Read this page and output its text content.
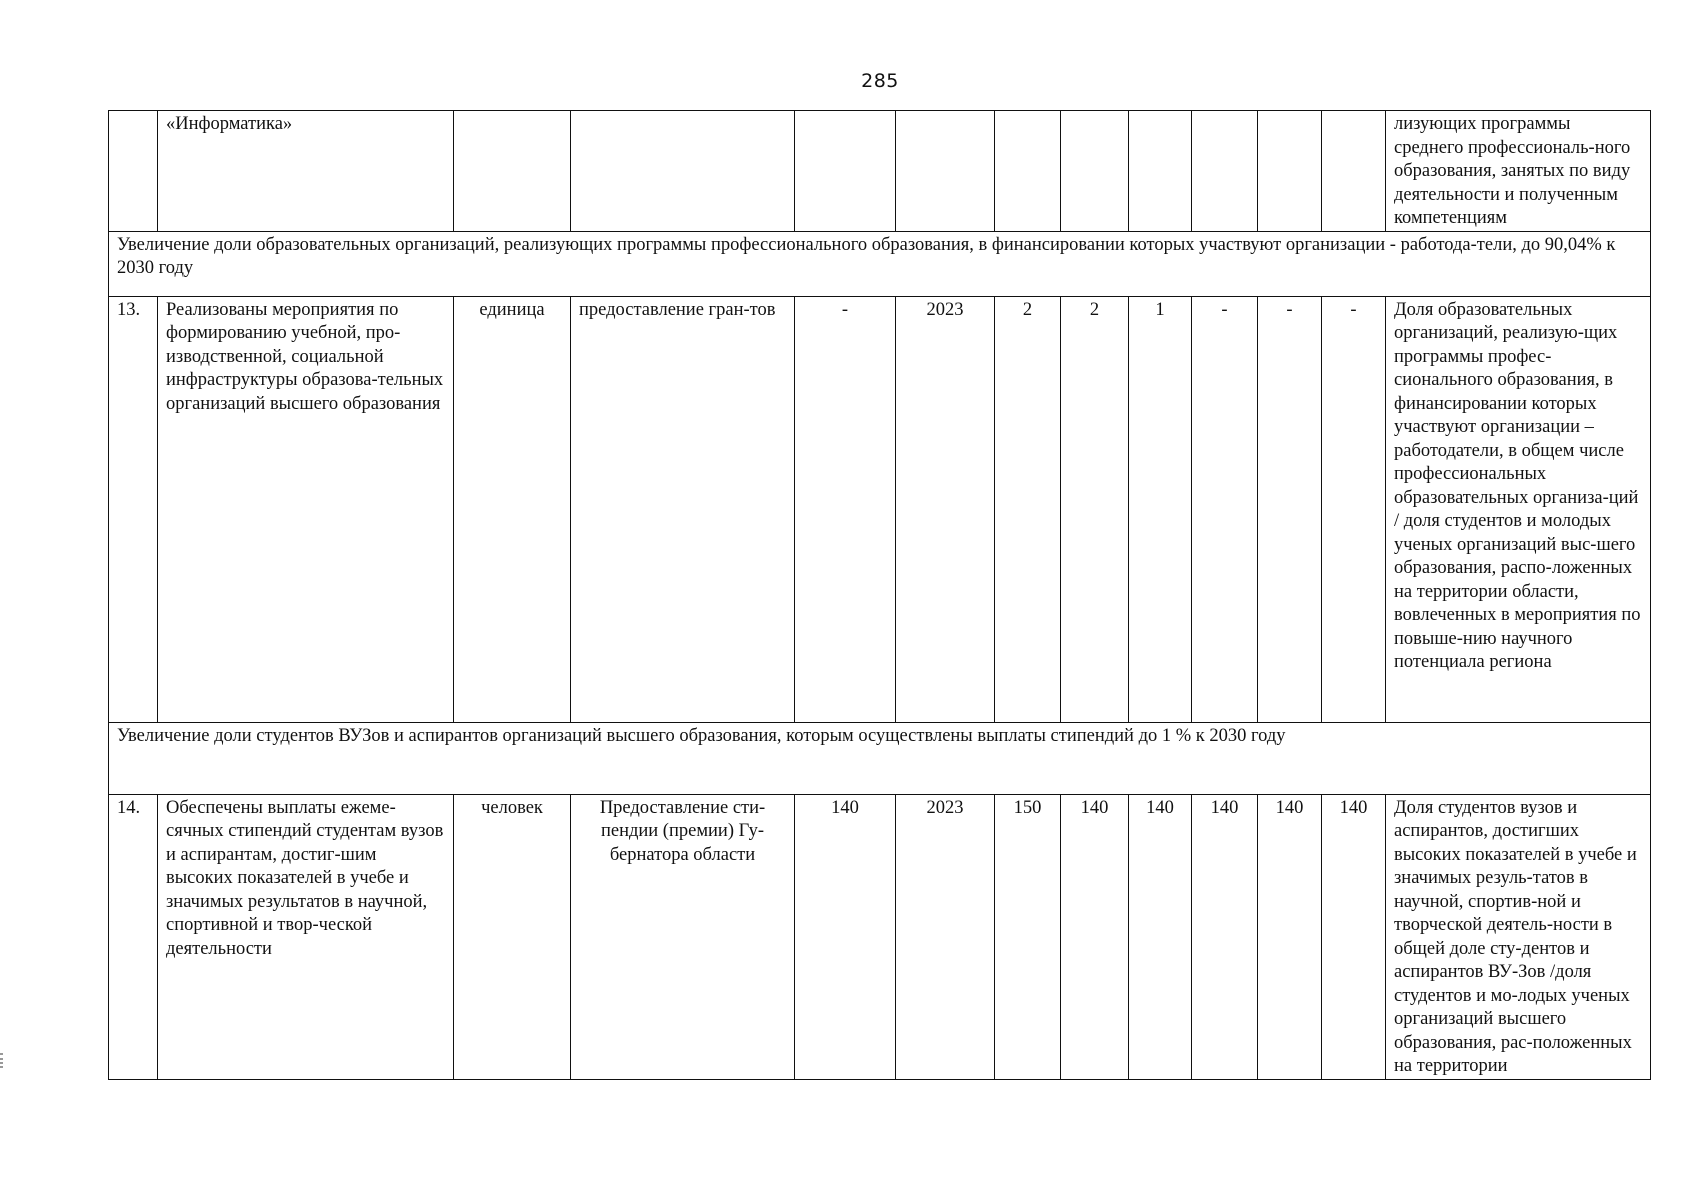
285
	«Информатика»											лизующих программы среднего профессиональ-ного образования, занятых по виду деятельности и полученным компетенциям
Увеличение доли образовательных организаций, реализующих программы профессионального образования, в финансировании которых участвуют организации - работода-тели, до 90,04% к 2030 году												
13.	Реализованы мероприятия по формированию учебной, про-изводственной, социальной инфраструктуры образова-тельных организаций высшего образования	единица	предоставление гран-тов	-	2023	2	2	1	-	-	-	Доля образовательных организаций, реализую-щих программы профес-сионального образования, в финансировании которых участвуют организации – работодатели, в общем числе профессиональных образовательных организа-ций / доля студентов и молодых ученых организаций выс-шего образования, распо-ложенных на территории области, вовлеченных в мероприятия по повыше-нию научного потенциала региона
Увеличение доли студентов ВУЗов и аспирантов организаций высшего образования, которым осуществлены выплаты стипендий до 1 % к 2030 году												
14.	Обеспечены выплаты ежеме-сячных стипендий студентам вузов и аспирантам, достиг-шим высоких показателей в учебе и значимых результатов в научной, спортивной и твор-ческой деятельности	человек	Предоставление сти-пендии (премии) Гу-бернатора области	140	2023	150	140	140	140	140	140	Доля студентов вузов и аспирантов, достигших высоких показателей в учебе и значимых резуль-татов в научной, спортив-ной и творческой деятель-ности в общей доле сту-дентов и аспирантов ВУ-Зов /доля студентов и мо-лодых ученых организаций высшего образования, рас-положенных на территории
